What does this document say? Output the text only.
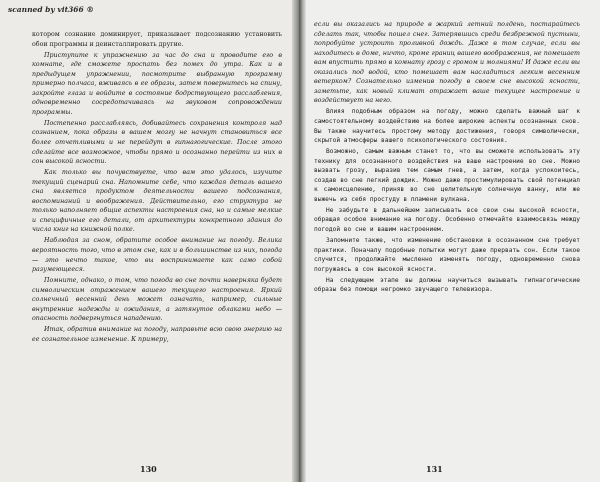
scanned by vit366 ®

котором сознание доминирует, приказывает подсознанию установить обои программы и деинсталлировать другие.

Приступите к упражнению за час до сна и проводите его в комнате, где сможете проспать без помех до утра. Как и в предыдущем упражнении, посмотрите выбранную программу примерно полчаса, вживаясь в ее образы, затем повернитесь на спину, закройте глаза и войдите в состояние бодрствующего расслабления, одновременно сосредотачиваясь на звуковом сопровождении программы.

Постепенно расслабляясь, добивайтесь сохранения контроля над сознанием, пока образы в вашем мозгу не начнут становиться все более отчетливыми и не перейдут в гипнагогические. После этого сделайте все возможное, чтобы прямо и осознанно перейти из них в сон высокой ясности.

Как только вы почувствуете, что вам это удалось, изучите текущий сценарий сна. Напомните себе, что каждая деталь вашего сна является продуктом деятельности вашего подсознания, воспоминаний и воображения. Действительно, его структура не только наполняет общие аспекты настроения сна, но и самые мелкие и специфичные его детали, от архитектуры конкретного здания до числа книг на книжной полке.

Наблюдая за сном, обратите особое внимание на погоду. Велика вероятность того, что в этом сне, как и в большинстве из них, погода — это нечто такое, что вы воспринимаете как само собой разумеющееся.

Помните, однако, о том, что погода во сне почти наверняка будет символическим отражением вашего текущего настроения. Яркий солнечный весенний день может означать, например, сильные внутренние надежды и ожидания, а затянутое облаками небо — опасность подвергнуться нападению.

Итак, обратив внимание на погоду, направьте всю свою энергию на ее сознательное изменение. К примеру,

130

если вы оказались на природе в жаркий летний полдень, постарайтесь сделать так, чтобы пошел снег. Затерявшись среди безбрежной пустыни, попробуйте устроить проливной дождь. Даже в том случае, если вы находитесь в доме, ничто, кроме границ вашего воображения, не помешает вам впустить прямо в комнату грозу с громом и молниями! И даже если вы оказались под водой, кто помешает вам насладиться легким весенним ветерком? Сознательно изменив погоду в своем сне высокой ясности, заметьте, как новый климат отражает ваше текущее настроение и воздействует на него.

Влияя подобным образом на погоду, можно сделать важный шаг к самостоятельному воздействию на более широкие аспекты осознанных снов. Вы также научитесь простому методу достижения, говоря символически, скрытой атмосферы вашего психологического состояния.

Возможно, самым важным станет то, что вы сможете использовать эту технику для осознанного воздействия на ваше настроение во сне. Можно вызвать грозу, выразив тем самым гнев, а затем, когда успокоитесь, создав во сне легкий дождик. Можно даже простимулировать свой потенциал к самоисцелению, приняв во сне целительную солнечную ванну, или же выжечь из себя простуду в пламени вулкана.

Не забудьте в дальнейшем записывать все свои сны высокой ясности, обращая особое внимание на погоду. Особенно отмечайте взаимосвязь между погодой во сне и вашим настроением.

Запомните также, что изменение обстановки в осознанном сне требует практики. Поначалу подобные попытки могут даже прервать сон. Если такое случится, продолжайте мысленно изменять погоду, одновременно снова погружаясь в сон высокой ясности.

На следующем этапе вы должны научиться вызывать гипнагогические образы без помощи негромко звучащего телевизора.

131
